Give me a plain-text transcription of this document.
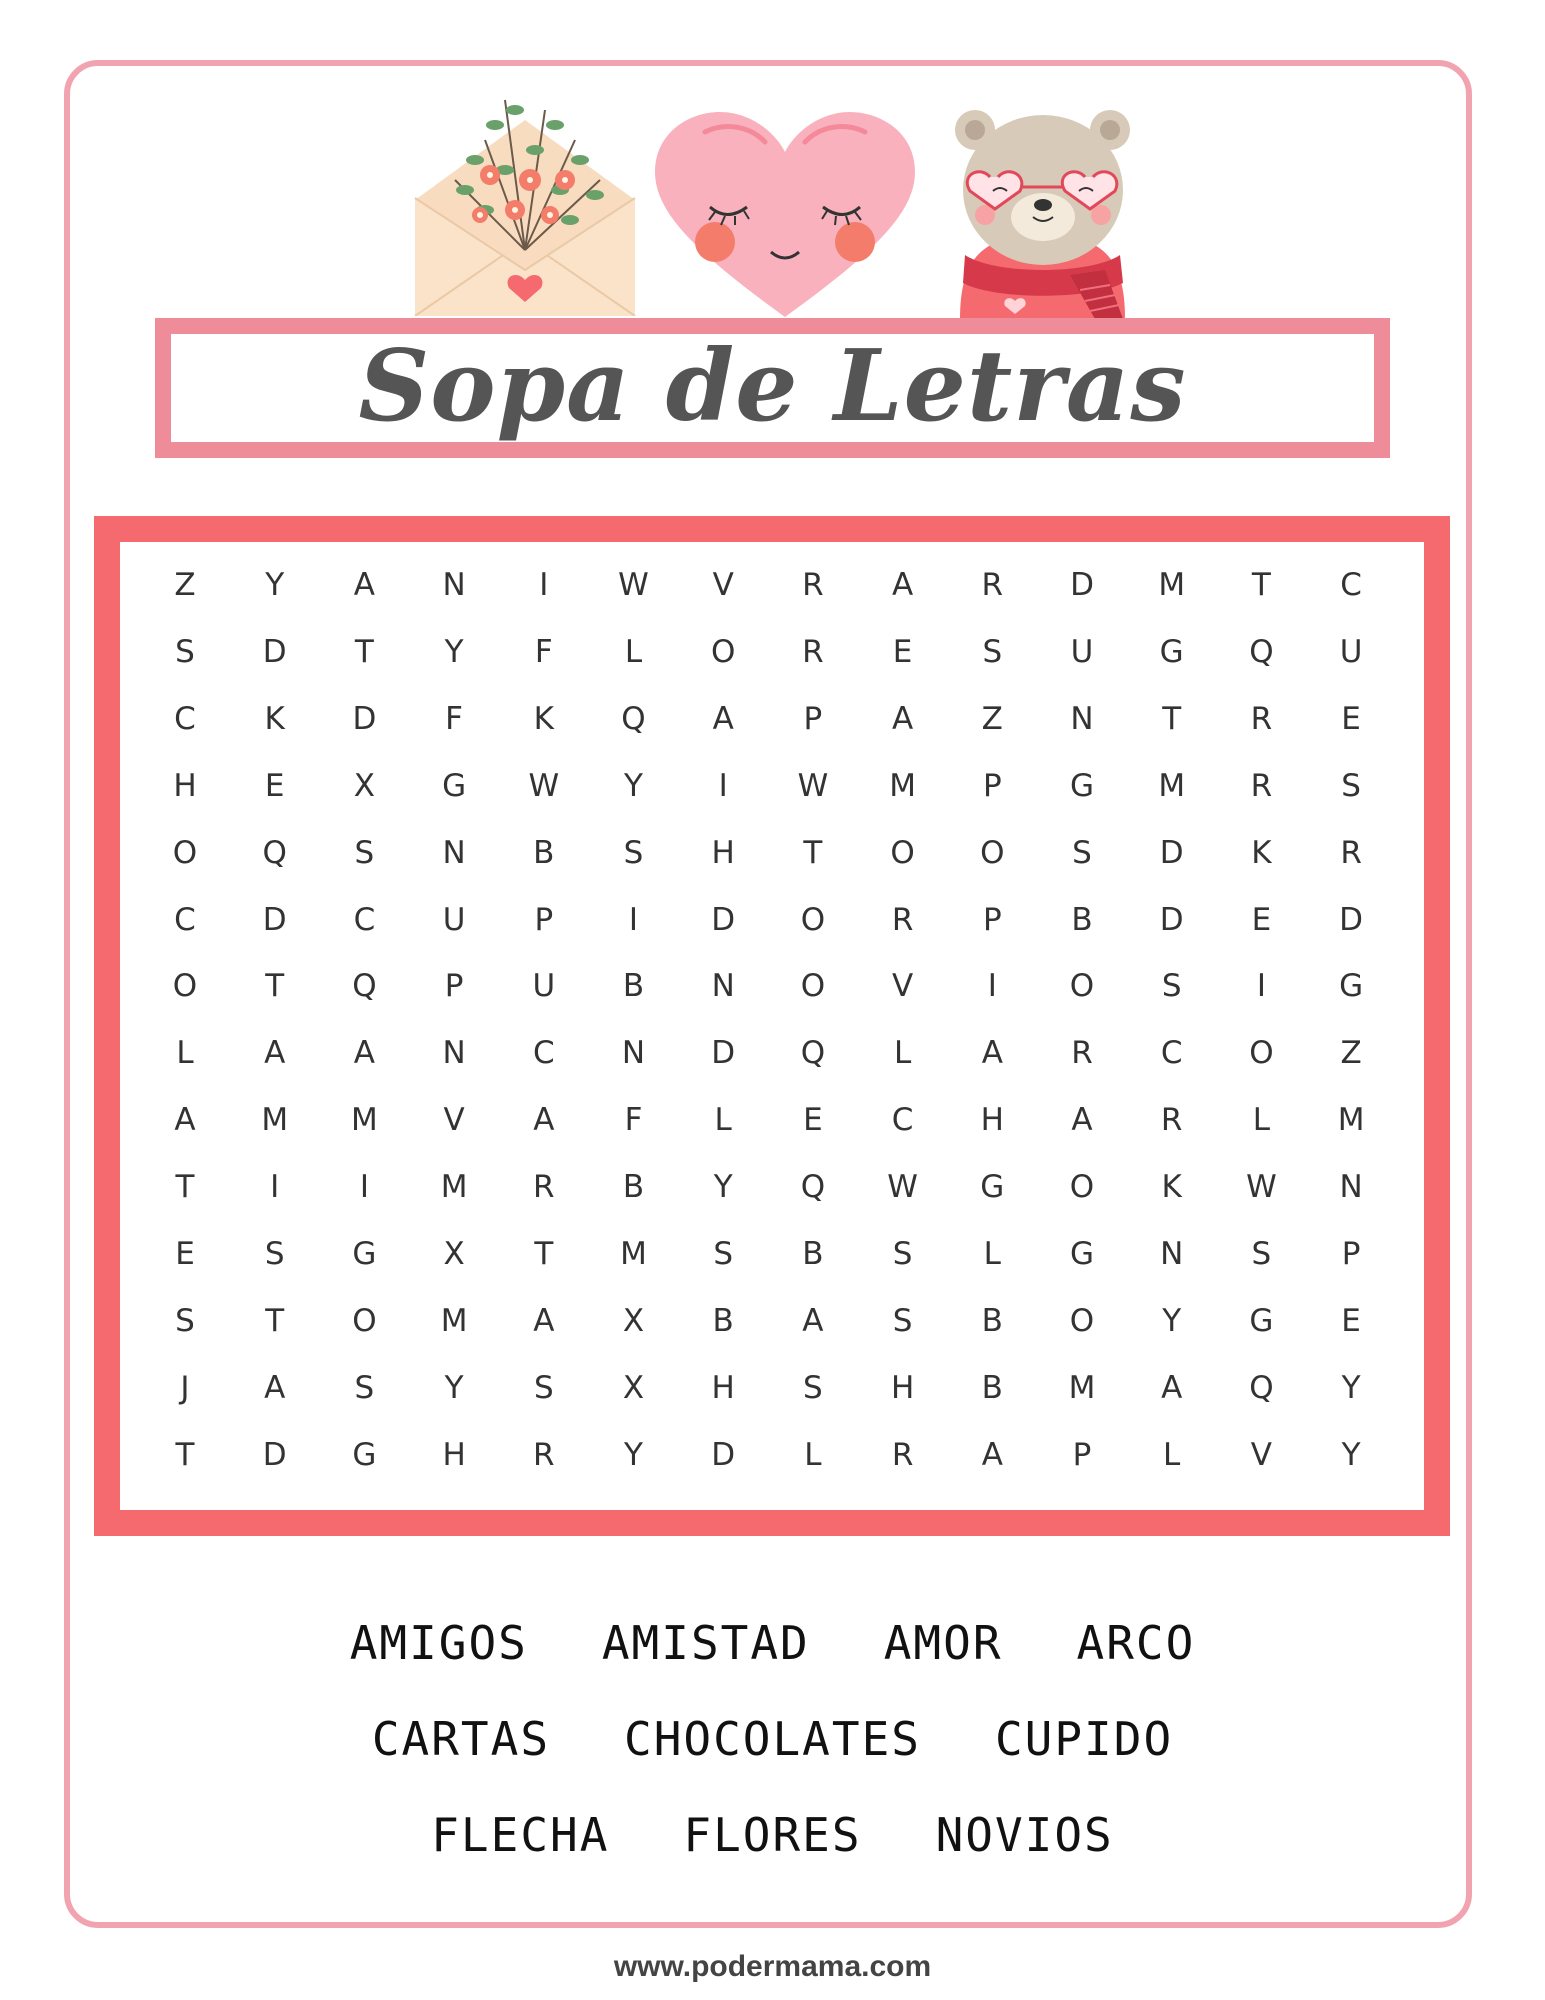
Sopa de Letras
Z	Y	A	N	I	W	V	R	A	R	D	M	T	C
S	D	T	Y	F	L	O	R	E	S	U	G	Q	U
C	K	D	F	K	Q	A	P	A	Z	N	T	R	E
H	E	X	G	W	Y	I	W	M	P	G	M	R	S
O	Q	S	N	B	S	H	T	O	O	S	D	K	R
C	D	C	U	P	I	D	O	R	P	B	D	E	D
O	T	Q	P	U	B	N	O	V	I	O	S	I	G
L	A	A	N	C	N	D	Q	L	A	R	C	O	Z
A	M	M	V	A	F	L	E	C	H	A	R	L	M
T	I	I	M	R	B	Y	Q	W	G	O	K	W	N
E	S	G	X	T	M	S	B	S	L	G	N	S	P
S	T	O	M	A	X	B	A	S	B	O	Y	G	E
J	A	S	Y	S	X	H	S	H	B	M	A	Q	Y
T	D	G	H	R	Y	D	L	R	A	P	L	V	Y
AMIGOS AMISTAD AMOR ARCO
CARTAS CHOCOLATES CUPIDO
FLECHA FLORES NOVIOS
www.podermama.com
